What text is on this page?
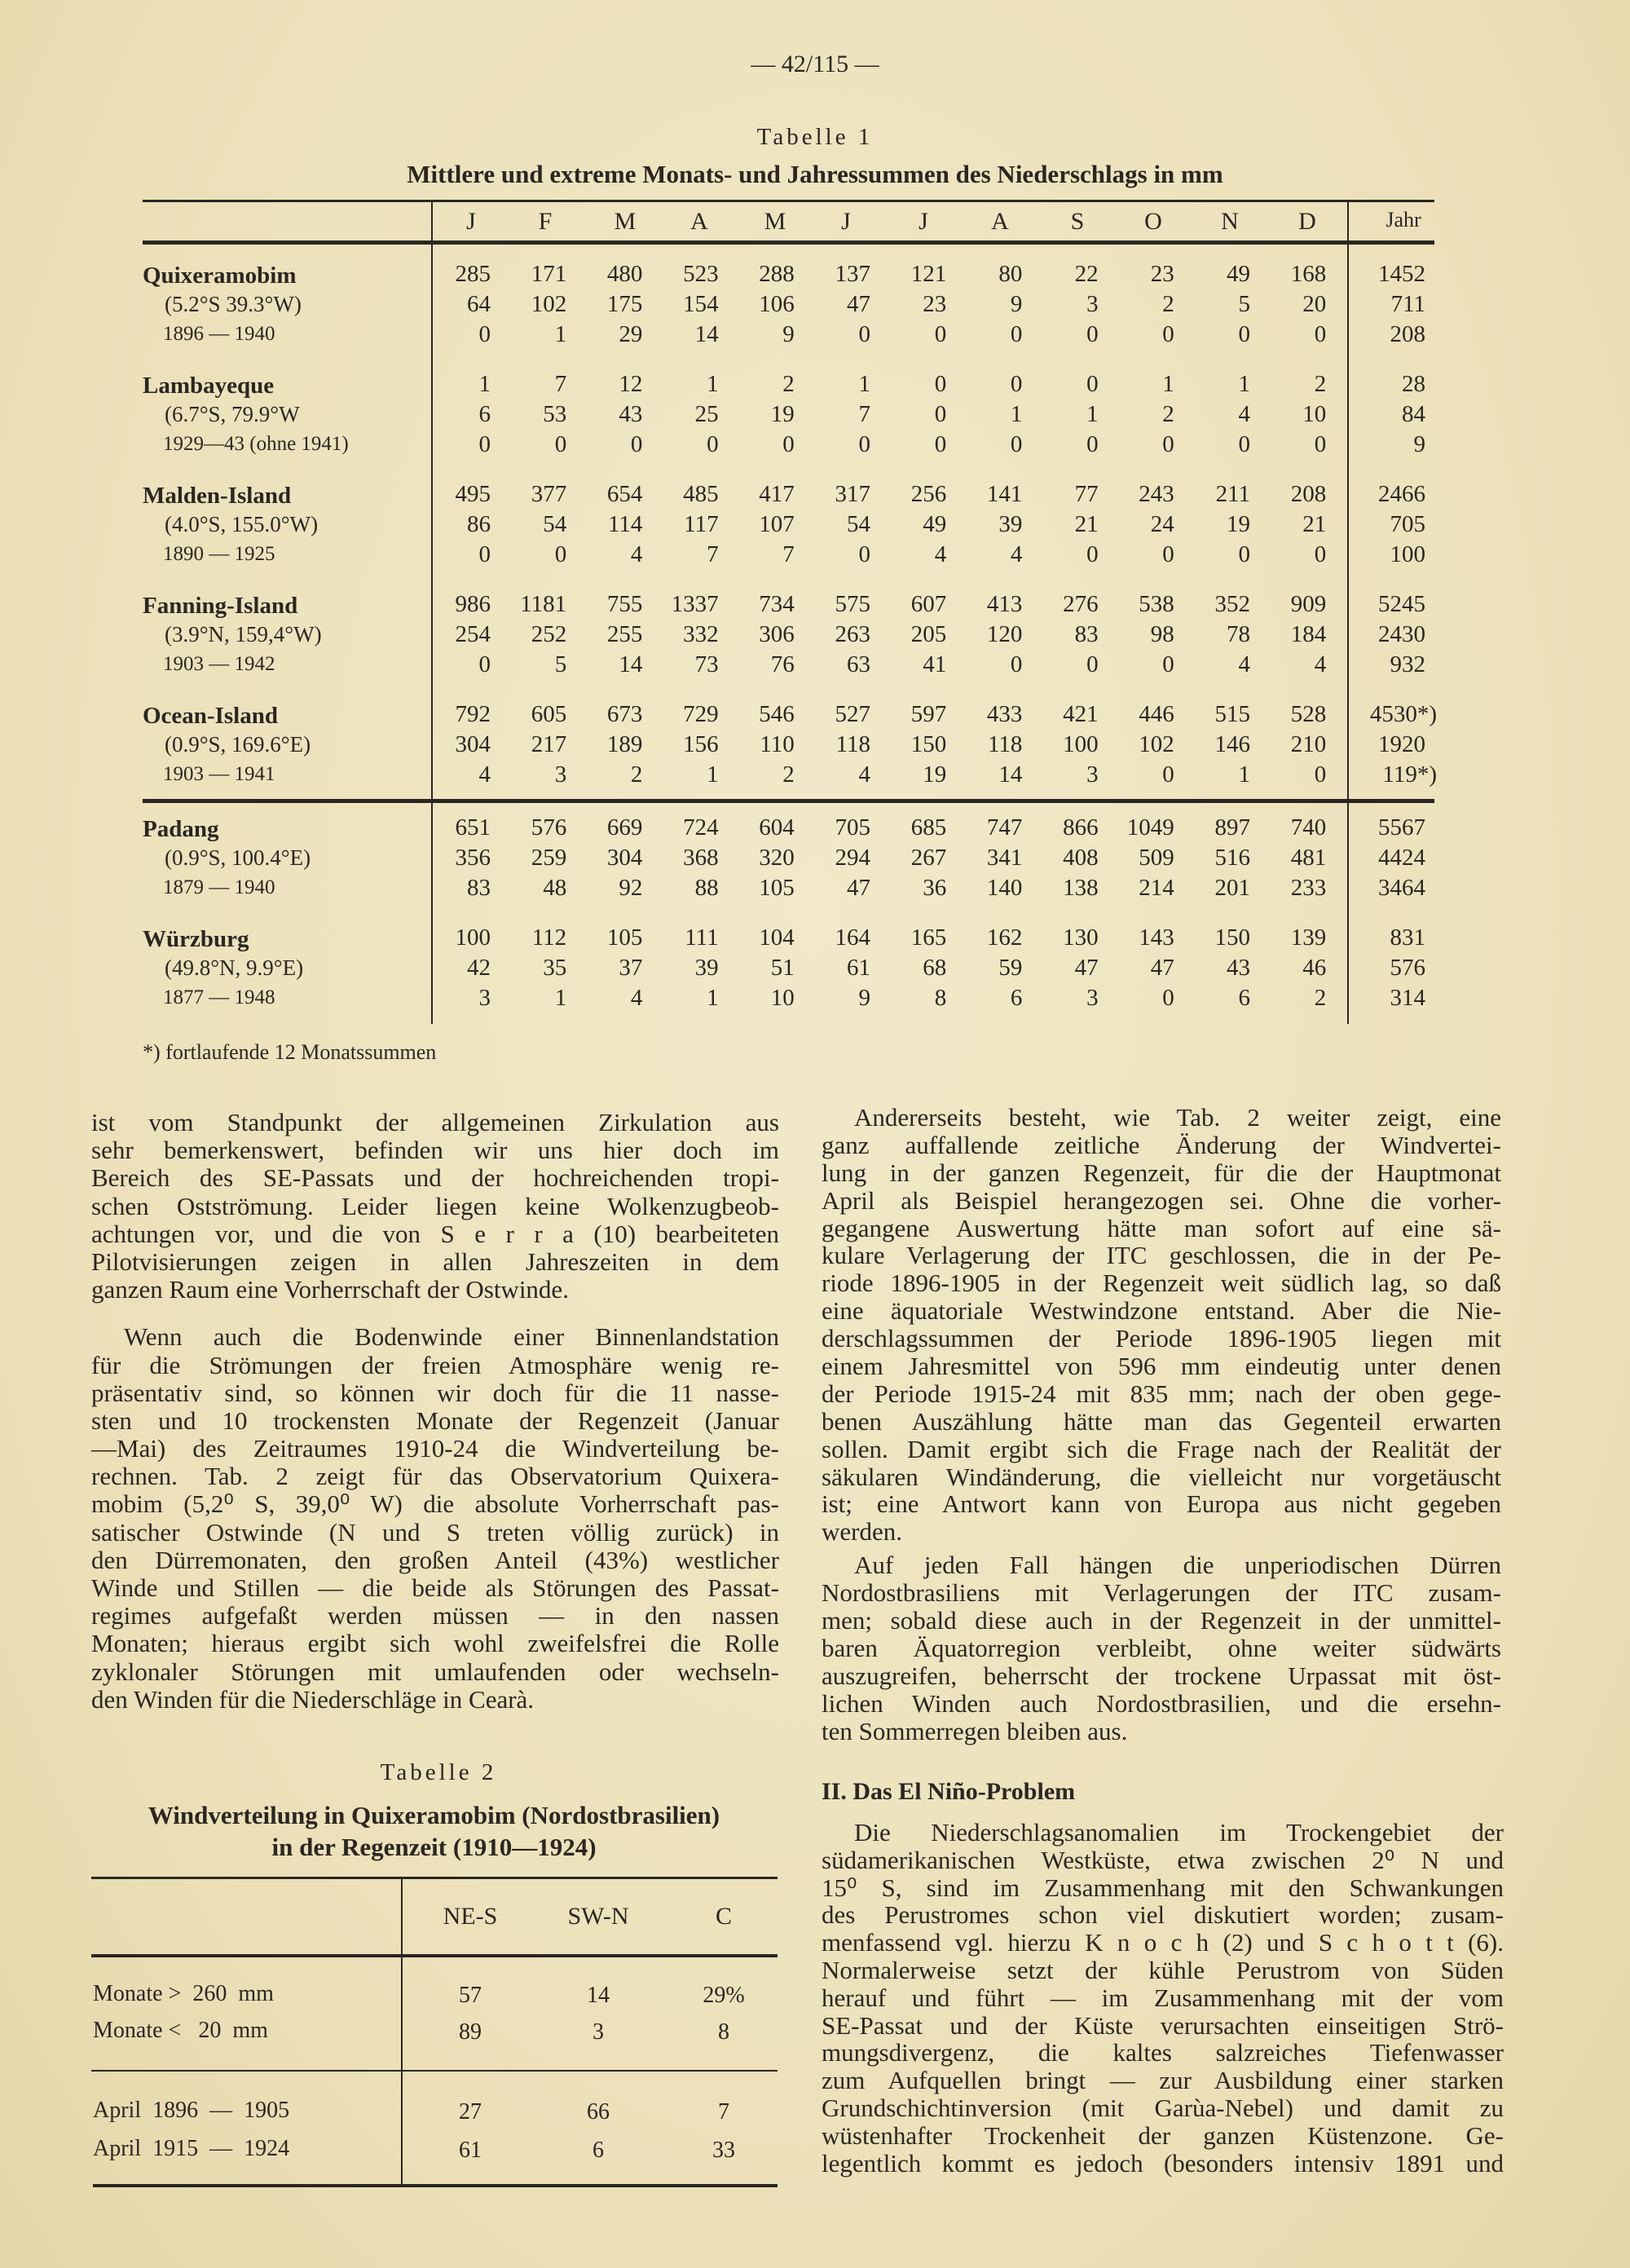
— 42/115 —
Tabelle 1
Mittlere und extreme Monats- und Jahressummen des Niederschlags in mm
J	F	M	A	M	J	J	A	S	O	N	D	Jahr
Quixeramobim
(5.2°S 39.3°W)
1896 — 1940
285	171	480	523	288	137	121	80	22	23	49	168	1452
64	102	175	154	106	47	23	9	3	2	5	20	711
0	1	29	14	9	0	0	0	0	0	0	0	208
Lambayeque
(6.7°S, 79.9°W
1929—43 (ohne 1941)
1	7	12	1	2	1	0	0	0	1	1	2	28
6	53	43	25	19	7	0	1	1	2	4	10	84
0	0	0	0	0	0	0	0	0	0	0	0	9
Malden-Island
(4.0°S, 155.0°W)
1890 — 1925
495	377	654	485	417	317	256	141	77	243	211	208	2466
86	54	114	117	107	54	49	39	21	24	19	21	705
0	0	4	7	7	0	4	4	0	0	0	0	100
Fanning-Island
(3.9°N, 159,4°W)
1903 — 1942
986	1181	755	1337	734	575	607	413	276	538	352	909	5245
254	252	255	332	306	263	205	120	83	98	78	184	2430
0	5	14	73	76	63	41	0	0	0	4	4	932
Ocean-Island
(0.9°S, 169.6°E)
1903 — 1941
792	605	673	729	546	527	597	433	421	446	515	528 4530*)
304	217	189	156	110	118	150	118	100	102	146	210	1920
4	3	2	1	2	4	19	14	3	0	1	0	119*)
Padang
(0.9°S, 100.4°E)
1879 — 1940
651	576	669	724	604	705	685	747	866	1049	897	740	5567
356	259	304	368	320	294	267	341	408	509	516	481	4424
83	48	92	88	105	47	36	140	138	214	201	233	3464
Würzburg
(49.8°N, 9.9°E)
1877 — 1948
100	112	105	111	104	164	165	162	130	143	150	139	831
42	35	37	39	51	61	68	59	47	47	43	46	576
3	1	4	1	10	9	8	6	3	0	6	2	314
*) fortlaufende 12 Monatssummen
ist vom Standpunkt der allgemeinen Zirkulation aus
sehr bemerkenswert, befinden wir uns hier doch im
Bereich des SE-Passats und der hochreichenden tropi-
schen Ostströmung. Leider liegen keine Wolkenzugbeob-
achtungen vor, und die von S e r r a (10) bearbeiteten
Pilotvisierungen zeigen in allen Jahreszeiten in dem
ganzen Raum eine Vorherrschaft der Ostwinde.
Wenn auch die Bodenwinde einer Binnenlandstation
für die Strömungen der freien Atmosphäre wenig re-
präsentativ sind, so können wir doch für die 11 nasse-
sten und 10 trockensten Monate der Regenzeit (Januar
—Mai) des Zeitraumes 1910-24 die Windverteilung be-
rechnen. Tab. 2 zeigt für das Observatorium Quixera-
mobim (5,2⁰ S, 39,0⁰ W) die absolute Vorherrschaft pas-
satischer Ostwinde (N und S treten völlig zurück) in
den Dürremonaten, den großen Anteil (43%) westlicher
Winde und Stillen — die beide als Störungen des Passat-
regimes aufgefaßt werden müssen — in den nassen
Monaten; hieraus ergibt sich wohl zweifelsfrei die Rolle
zyklonaler Störungen mit umlaufenden oder wechseln-
den Winden für die Niederschläge in Cearà.
Andererseits besteht, wie Tab. 2 weiter zeigt, eine
ganz auffallende zeitliche Änderung der Windvertei-
lung in der ganzen Regenzeit, für die der Hauptmonat
April als Beispiel herangezogen sei. Ohne die vorher-
gegangene Auswertung hätte man sofort auf eine sä-
kulare Verlagerung der ITC geschlossen, die in der Pe-
riode 1896-1905 in der Regenzeit weit südlich lag, so daß
eine äquatoriale Westwindzone entstand. Aber die Nie-
derschlagssummen der Periode 1896-1905 liegen mit
einem Jahresmittel von 596 mm eindeutig unter denen
der Periode 1915-24 mit 835 mm; nach der oben gege-
benen Auszählung hätte man das Gegenteil erwarten
sollen. Damit ergibt sich die Frage nach der Realität der
säkularen Windänderung, die vielleicht nur vorgetäuscht
ist; eine Antwort kann von Europa aus nicht gegeben
werden.
Auf jeden Fall hängen die unperiodischen Dürren
Nordostbrasiliens mit Verlagerungen der ITC zusam-
men; sobald diese auch in der Regenzeit in der unmittel-
baren Äquatorregion verbleibt, ohne weiter südwärts
auszugreifen, beherrscht der trockene Urpassat mit öst-
lichen Winden auch Nordostbrasilien, und die ersehn-
ten Sommerregen bleiben aus.
II. Das El Niño-Problem
Die Niederschlagsanomalien im Trockengebiet der
südamerikanischen Westküste, etwa zwischen 2⁰ N und
15⁰ S, sind im Zusammenhang mit den Schwankungen
des Perustromes schon viel diskutiert worden; zusam-
menfassend vgl. hierzu K n o c h (2) und S c h o t t (6).
Normalerweise setzt der kühle Perustrom von Süden
herauf und führt — im Zusammenhang mit der vom
SE-Passat und der Küste verursachten einseitigen Strö-
mungsdivergenz, die kaltes salzreiches Tiefenwasser
zum Aufquellen bringt — zur Ausbildung einer starken
Grundschichtinversion (mit Garùa-Nebel) und damit zu
wüstenhafter Trockenheit der ganzen Küstenzone. Ge-
legentlich kommt es jedoch (besonders intensiv 1891 und
Tabelle 2
Windverteilung in Quixeramobim (Nordostbrasilien)
in der Regenzeit (1910—1924)
NE-S	SW-N	C
Monate >  260  mm	57	14	29%
Monate <   20  mm	89	3	8
April  1896  —  1905	27	66	7
April  1915  —  1924	61	6	33
